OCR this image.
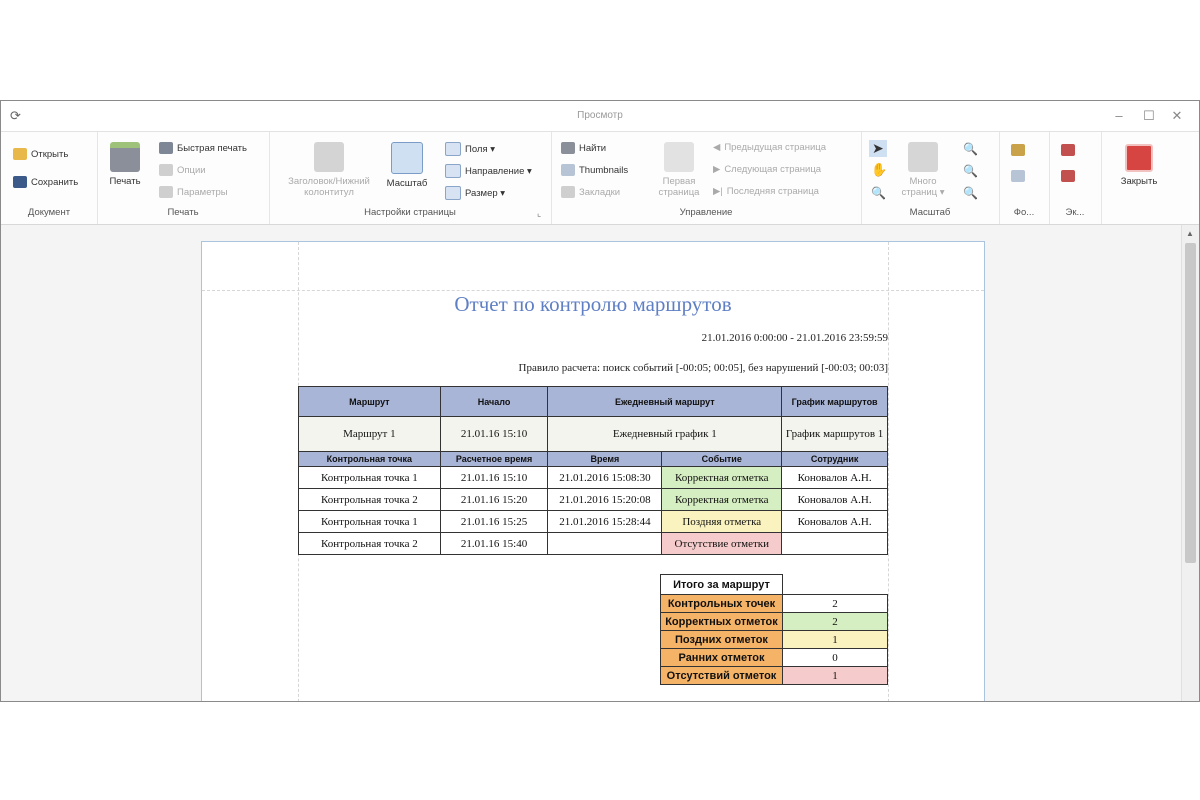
⟳	Просмотр	–	☐	✕
Открыть
Сохранить
Документ
Печать
Быстрая печать
Опции
Параметры
Печать
Заголовок/Нижний колонтитул
Масштаб
Поля ▾
Направление ▾
Размер ▾
Настройки страницы	⌞
Найти
Thumbnails
Закладки
Первая страница
◀ Предыдущая страница
▶ Следующая страница
▶| Последняя страница
Управление
➤
✋
🔍
Много страниц ▾
🔍
🔍
🔍
Масштаб	Фо...	Эк...
Закрыть
Отчет по контролю маршрутов
21.01.2016 0:00:00 - 21.01.2016 23:59:59
Правило расчета: поиск событий [-00:05; 00:05], без нарушений [-00:03; 00:03]
Маршрут	Начало	Ежедневный маршрут		График маршрутов
Маршрут 1	21.01.16 15:10	Ежедневный график 1		График маршрутов 1
Контрольная точка	Расчетное время	Время	Событие	Сотрудник
Контрольная точка 1	21.01.16 15:10	21.01.2016 15:08:30	Корректная отметка	Коновалов А.Н.
Контрольная точка 2	21.01.16 15:20	21.01.2016 15:20:08	Корректная отметка	Коновалов А.Н.
Контрольная точка 1	21.01.16 15:25	21.01.2016 15:28:44	Поздняя отметка	Коновалов А.Н.
Контрольная точка 2	21.01.16 15:40		Отсутствие отметки	
Итого за маршрут	
Контрольных точек	2
Корректных отметок	2
Поздних отметок	1
Ранних отметок	0
Отсутствий отметок	1
▲
